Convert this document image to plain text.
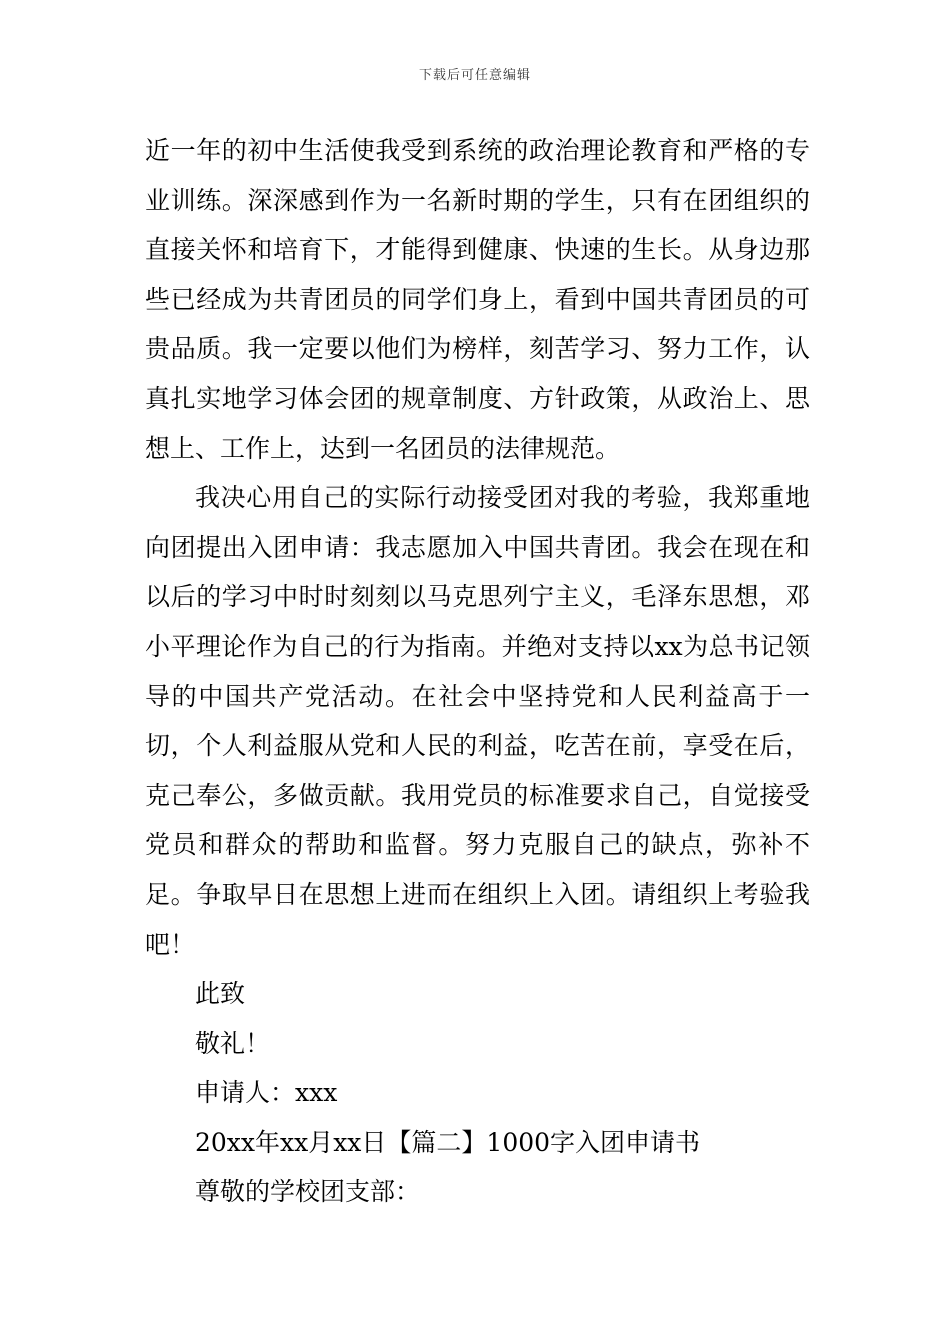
下载后可任意编辑

近一年的初中生活使我受到系统的政治理论教育和严格的专业训练。深深感到作为一名新时期的学生，只有在团组织的直接关怀和培育下，才能得到健康、快速的生长。从身边那些已经成为共青团员的同学们身上，看到中国共青团员的可贵品质。我一定要以他们为榜样，刻苦学习、努力工作，认真扎实地学习体会团的规章制度、方针政策，从政治上、思想上、工作上，达到一名团员的法律规范。

我决心用自己的实际行动接受团对我的考验，我郑重地向团提出入团申请：我志愿加入中国共青团。我会在现在和以后的学习中时时刻刻以马克思列宁主义，毛泽东思想，邓小平理论作为自己的行为指南。并绝对支持以xx为总书记领导的中国共产党活动。在社会中坚持党和人民利益高于一切，个人利益服从党和人民的利益，吃苦在前，享受在后，克己奉公，多做贡献。我用党员的标准要求自己，自觉接受党员和群众的帮助和监督。努力克服自己的缺点，弥补不足。争取早日在思想上进而在组织上入团。请组织上考验我吧！

此致
敬礼！
申请人：xxx
20xx年xx月xx日【篇二】1000字入团申请书
尊敬的学校团支部：
